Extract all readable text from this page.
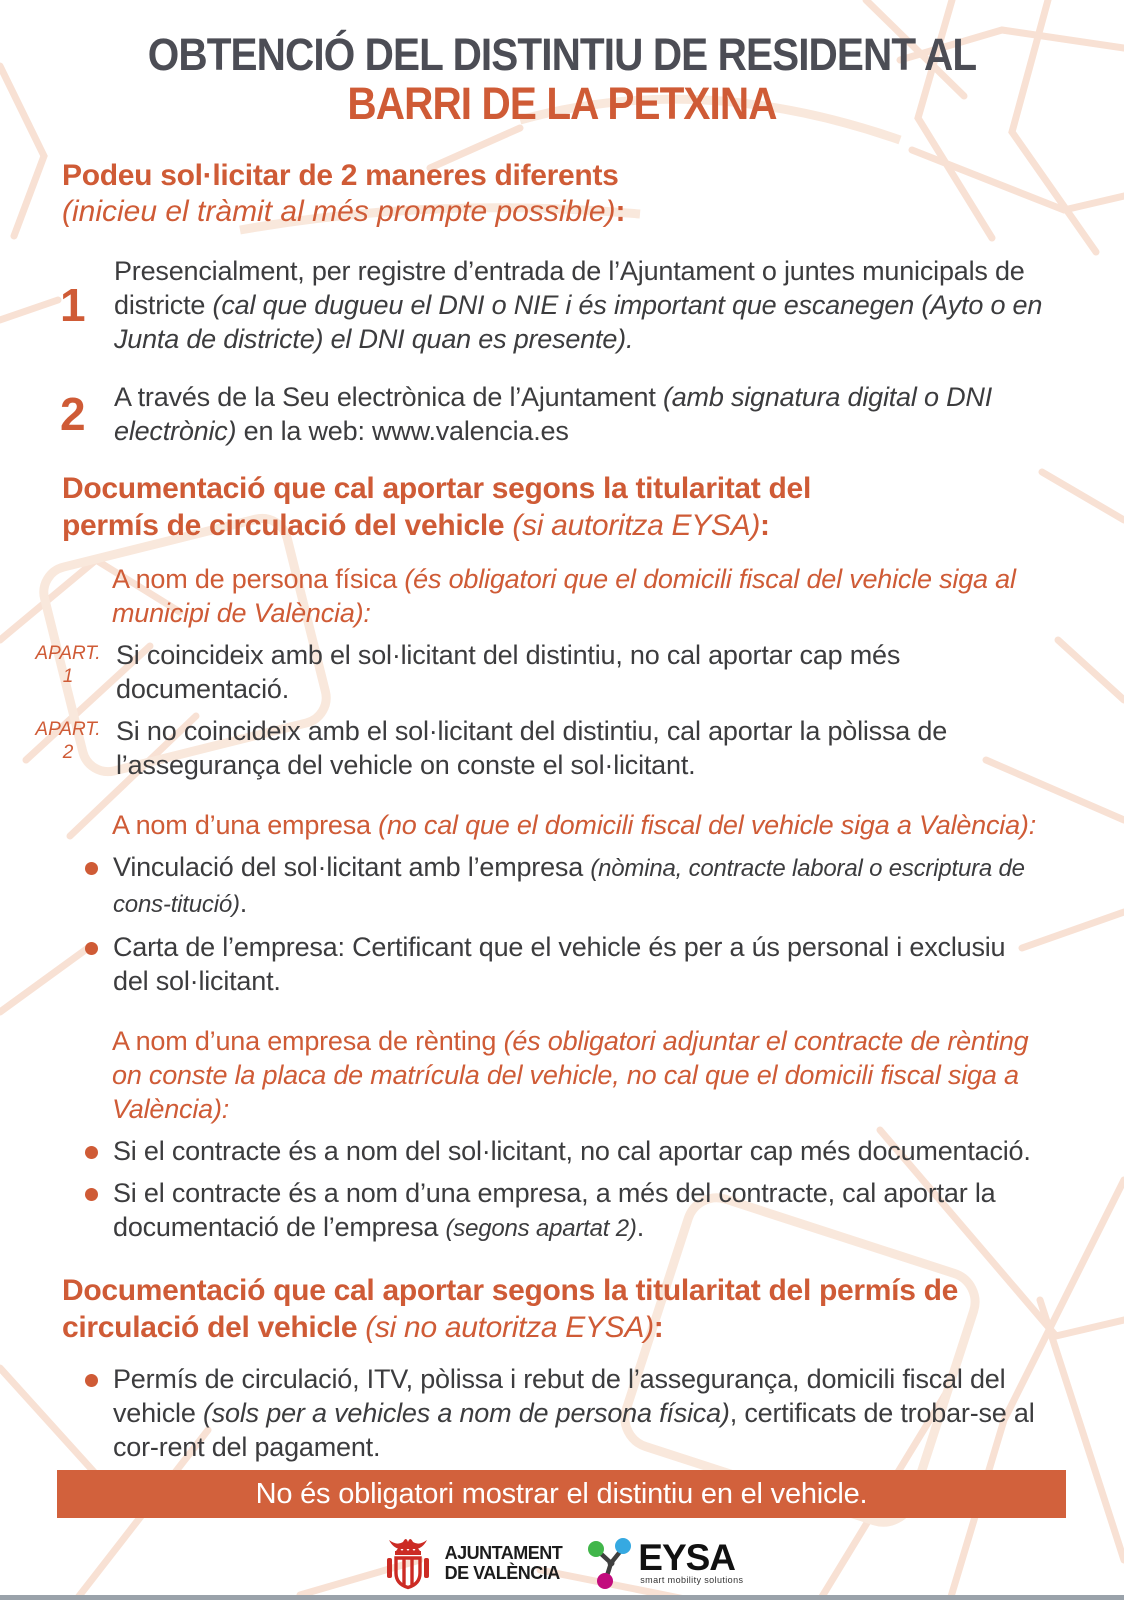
OBTENCIÓ DEL DISTINTIU DE RESIDENT AL
BARRI DE LA PETXINA
Podeu sol·licitar de 2 maneres diferents
(inicieu el tràmit al més prompte possible):
1
Presencialment, per registre d’entrada de l’Ajuntament o juntes municipals de districte (cal que dugueu el DNI o NIE i és important que escanegen (Ayto o en Junta de districte) el DNI quan es presente).
2	A través de la Seu electrònica de l’Ajuntament (amb signatura digital o DNI electrònic) en la web: www.valencia.es
Documentació que cal aportar segons la titularitat del permís de circulació del vehicle (si autoritza EYSA):
A nom de persona física (és obligatori que el domicili fiscal del vehicle siga al municipi de València):
APART.
1
Si coincideix amb el sol·licitant del distintiu, no cal aportar cap més documentació.
APART.
2
Si no coincideix amb el sol·licitant del distintiu, cal aportar la pòlissa de l’assegurança del vehicle on conste el sol·licitant.
A nom d’una empresa (no cal que el domicili fiscal del vehicle siga a València):
Vinculació del sol·licitant amb l’empresa (nòmina, contracte laboral o escriptura de cons-titució).
Carta de l’empresa: Certificant que el vehicle és per a ús personal i exclusiu del sol·licitant.
A nom d’una empresa de rènting (és obligatori adjuntar el contracte de rènting on conste la placa de matrícula del vehicle, no cal que el domicili fiscal siga a València):
Si el contracte és a nom del sol·licitant, no cal aportar cap més documentació.
Si el contracte és a nom d’una empresa, a més del contracte, cal aportar la documentació de l’empresa (segons apartat 2).
Documentació que cal aportar segons la titularitat del permís de circulació del vehicle (si no autoritza EYSA):
Permís de circulació, ITV, pòlissa i rebut de l’assegurança, domicili fiscal del vehicle (sols per a vehicles a nom de persona física), certificats de trobar-se al cor-rent del pagament.
No és obligatori mostrar el distintiu en el vehicle.
AJUNTAMENT
DE VALÈNCIA EYSA
smart mobility solutions
